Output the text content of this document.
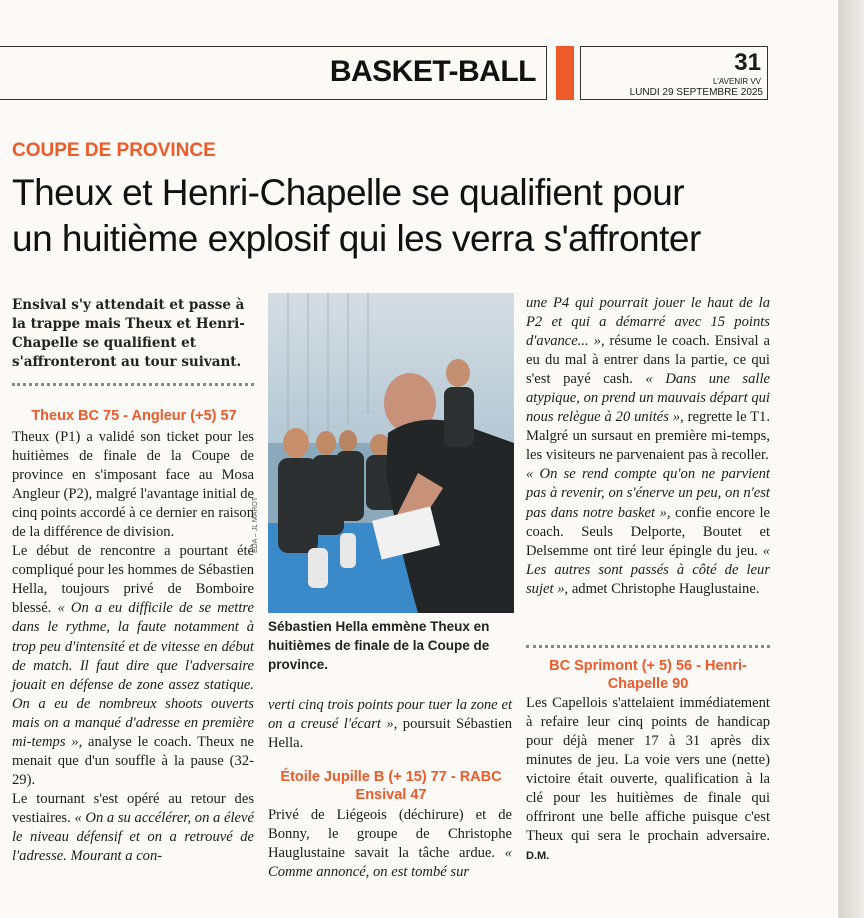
BASKET-BALL	31
L'AVENIR VV
LUNDI 29 SEPTEMBRE 2025
COUPE DE PROVINCE
Theux et Henri-Chapelle se qualifient pour
un huitième explosif qui les verra s'affronter
Ensival s'y attendait et passe à la trappe mais Theux et Henri-Chapelle se qualifient et s'affronteront au tour suivant.
Theux BC 75 - Angleur (+5) 57

Theux (P1) a validé son ticket pour les huitièmes de finale de la Coupe de province en s'imposant face au Mosa Angleur (P2), malgré l'avantage initial de cinq points accordé à ce dernier en raison de la différence de division.

Le début de rencontre a pourtant été compliqué pour les hommes de Sébastien Hella, toujours privé de Bomboire blessé. « On a eu difficile de se mettre dans le rythme, la faute notamment à trop peu d'intensité et de vitesse en début de match. Il faut dire que l'adversaire jouait en défense de zone assez statique. On a eu de nombreux shoots ouverts mais on a manqué d'adresse en première mi-temps », analyse le coach. Theux ne menait que d'un souffle à la pause (32-29).

Le tournant s'est opéré au retour des vestiaires. « On a su accélérer, on a élevé le niveau défensif et on a retrouvé de l'adresse. Mourant a con-

ÉDA – JL MAROT
Sébastien Hella emmène Theux en huitièmes de finale de la Coupe de province.

verti cinq trois points pour tuer la zone et on a creusé l'écart », poursuit Sébastien Hella.

Étoile Jupille B (+ 15) 77 - RABC Ensival 47

Privé de Liégeois (déchirure) et de Bonny, le groupe de Christophe Hauglustaine savait la tâche ardue. « Comme annoncé, on est tombé sur

une P4 qui pourrait jouer le haut de la P2 et qui a démarré avec 15 points d'avance... », résume le coach. Ensival a eu du mal à entrer dans la partie, ce qui s'est payé cash. « Dans une salle atypique, on prend un mauvais départ qui nous relègue à 20 unités », regrette le T1. Malgré un sursaut en première mi-temps, les visiteurs ne parvenaient pas à recoller.

« On se rend compte qu'on ne parvient pas à revenir, on s'énerve un peu, on n'est pas dans notre basket », confie encore le coach. Seuls Delporte, Boutet et Delsemme ont tiré leur épingle du jeu. « Les autres sont passés à côté de leur sujet », admet Christophe Hauglustaine.

BC Sprimont (+ 5) 56 - Henri-Chapelle 90

Les Capellois s'attelaient immédiatement à refaire leur cinq points de handicap pour déjà mener 17 à 31 après dix minutes de jeu. La voie vers une (nette) victoire était ouverte, qualification à la clé pour les huitièmes de finale qui offriront une belle affiche puisque c'est Theux qui sera le prochain adversaire. D.M.
